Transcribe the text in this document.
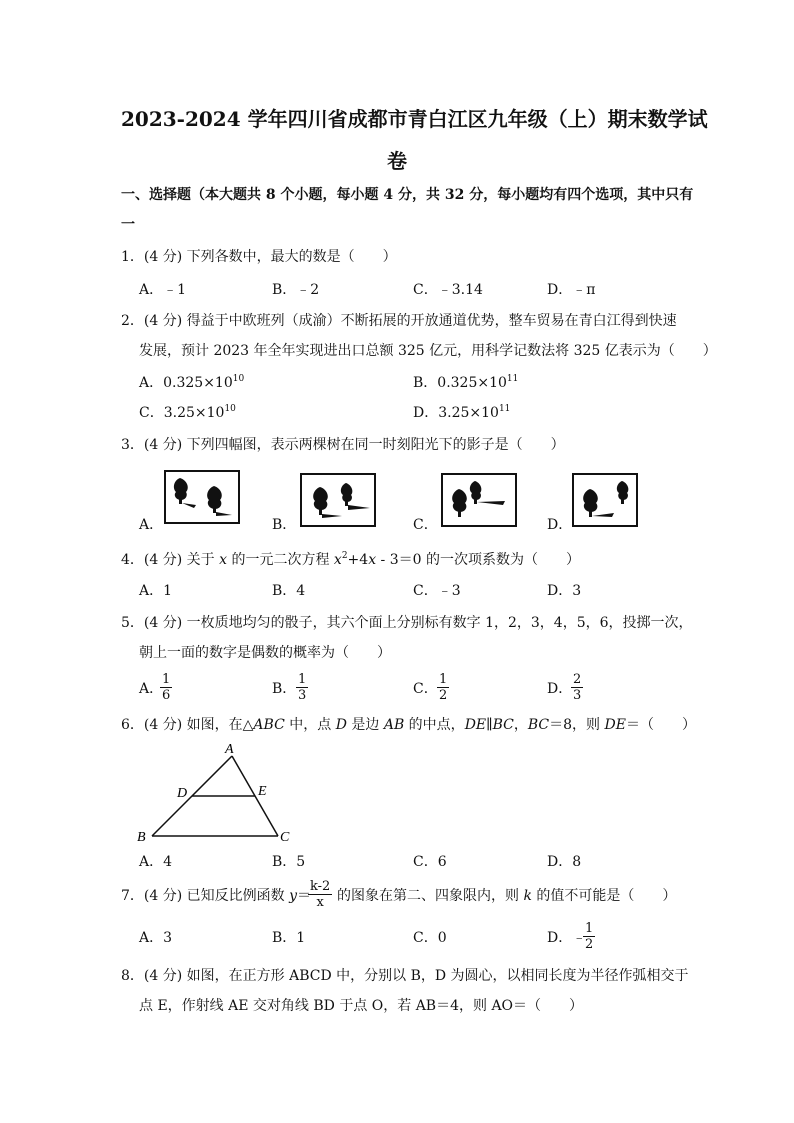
2023-2024 学年四川省成都市青白江区九年级（上）期末数学试
卷
一、选择题（本大题共 8 个小题，每小题 4 分，共 32 分，每小题均有四个选项，其中只有
一
1．(4 分) 下列各数中，最大的数是（　　）
A．﹣1	B．﹣2	C．﹣3.14	D．﹣π
2．(4 分) 得益于中欧班列（成渝）不断拓展的开放通道优势，整车贸易在青白江得到快速
发展，预计 2023 年全年实现进出口总额 325 亿元，用科学记数法将 325 亿表示为（　　）
A．$0.325\times 10^{10}$	B．$0.325\times 10^{11}$
C．$3.25\times 10^{10}$	D．$3.25\times 10^{11}$
3．(4 分) 下列四幅图，表示两棵树在同一时刻阳光下的影子是（　　）
A．	B．	C．	D．
4．(4 分) 关于 x 的一元二次方程 $x^2+4x - 3=0$ 的一次项系数为（　　）
A．1	B．4	C．﹣3	D．3
5．(4 分) 一枚质地均匀的骰子，其六个面上分别标有数字 1，2，3，4，5，6，投掷一次，
朝上一面的数字是偶数的概率为（　　）
A．
$\frac{1}{6}$	B． $\frac{1}{3}$	C． $\frac{1}{2}$	D．
$\frac{2}{3}$
6．(4 分) 如图，在△ABC 中，点 D 是边 AB 的中点，DE∥BC，BC＝8，则 DE＝（　　）
A
D	E
B	C
A．4	B．5	C．6	D．8
7．(4 分) 已知反比例函数 y＝
$\frac{k-2}{x}$ 的图象在第二、四象限内，则 k 的值不可能是（　　）
A．3	B．1	C．0	D．﹣
$\frac{1}{2}$
8．(4 分) 如图，在正方形 ABCD 中，分别以 B，D 为圆心，以相同长度为半径作弧相交于
点 E，作射线 AE 交对角线 BD 于点 O，若 AB＝4，则 AO＝（　　）
